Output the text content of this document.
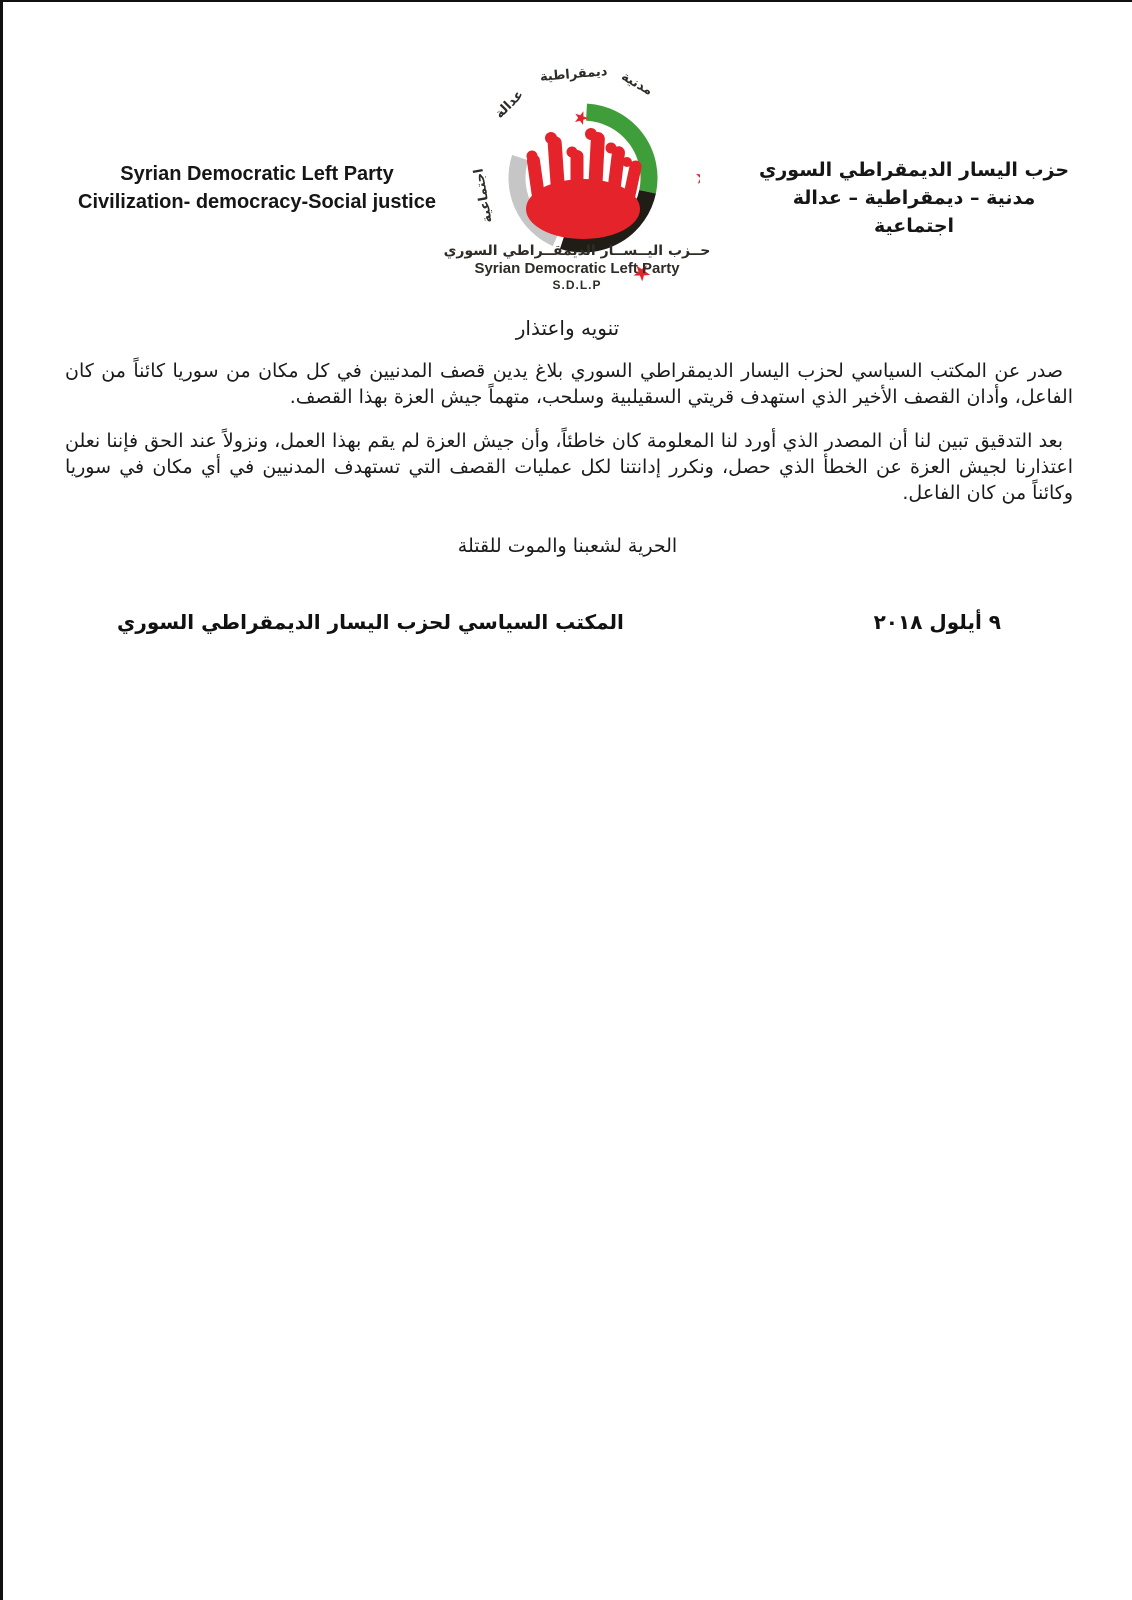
Syrian Democratic Left Party
Civilization- democracy-Social justice
حزب اليسار الديمقراطي السوري
مدنية – ديمقراطية – عدالة اجتماعية
مدنية
ديمقراطية
عدالة
اجتماعية
حــزب اليــســار الديمقــراطي السوري
Syrian Democratic Left Party
S.D.L.P
تنويه واعتذار

صدر عن المكتب السياسي لحزب اليسار الديمقراطي السوري بلاغ يدين قصف المدنيين في كل مكان من سوريا كائناً من كان الفاعل، وأدان القصف الأخير الذي استهدف قريتي السقيلبية وسلحب، متهماً جيش العزة بهذا القصف.

بعد التدقيق تبين لنا أن المصدر الذي أورد لنا المعلومة كان خاطئاً، وأن جيش العزة لم يقم بهذا العمل، ونزولاً عند الحق فإننا نعلن اعتذارنا لجيش العزة عن الخطأ الذي حصل، ونكرر إدانتنا لكل عمليات القصف التي تستهدف المدنيين في أي مكان في سوريا وكائناً من كان الفاعل.

الحرية لشعبنا والموت للقتلة
٩ أيلول ٢٠١٨
المكتب السياسي لحزب اليسار الديمقراطي السوري
